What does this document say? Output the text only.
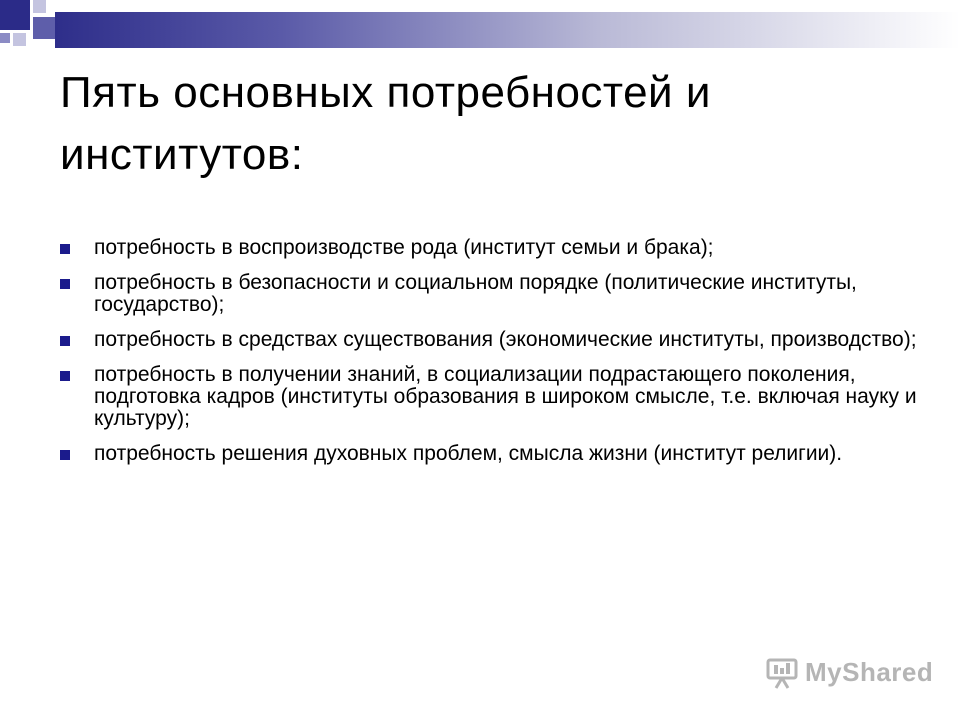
Пять основных потребностей и институтов:
потребность в воспроизводстве рода (институт семьи и брака);
потребность в безопасности и социальном порядке (политические институты, государство);
потребность в средствах существования (экономические институты, производство);
потребность в получении знаний, в социализации подрастающего поколения, подготовка кадров (институты образования в широком смысле, т.е. включая науку и культуру);
потребность решения духовных проблем, смысла жизни (институт религии).
MyShared
